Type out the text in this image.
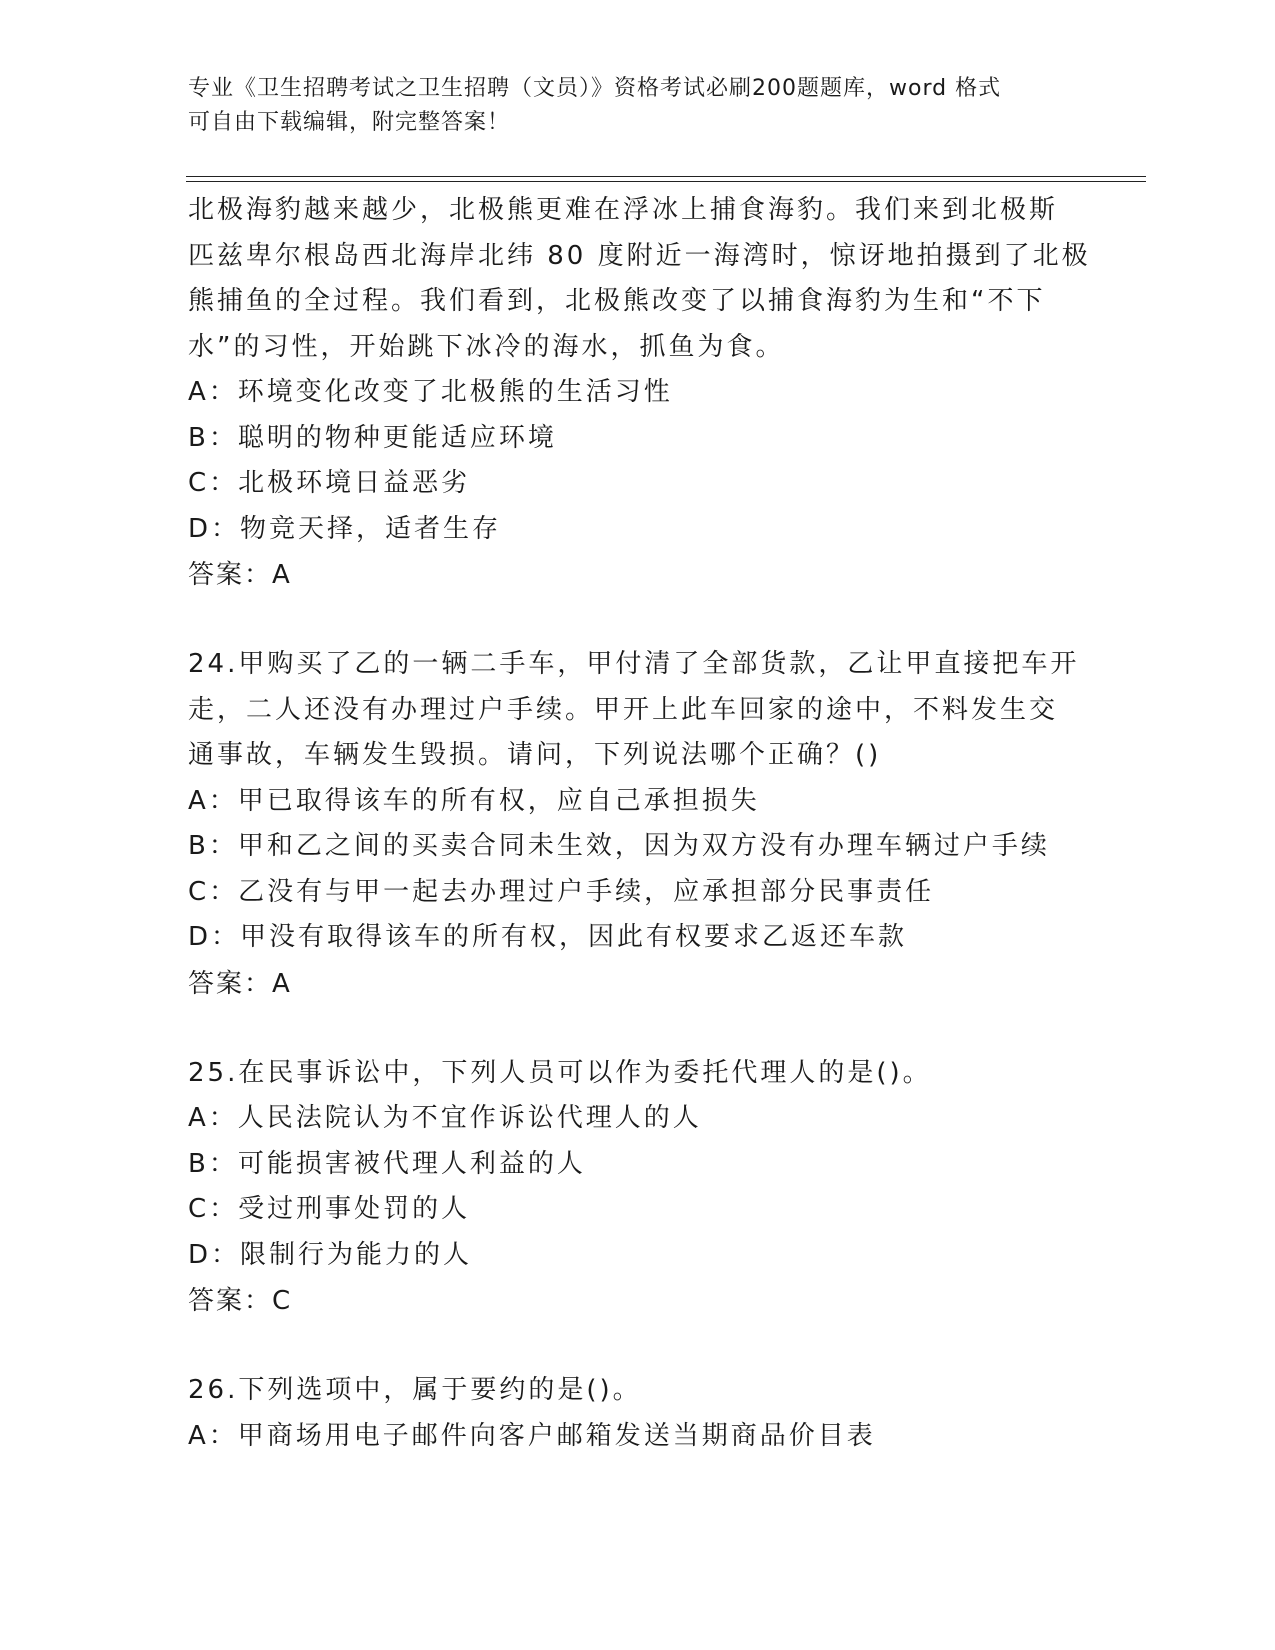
专业《卫生招聘考试之卫生招聘（文员）》资格考试必刷200题题库，word 格式
可自由下载编辑，附完整答案！
北极海豹越来越少，北极熊更难在浮冰上捕食海豹。我们来到北极斯
匹兹卑尔根岛西北海岸北纬 80 度附近一海湾时，惊讶地拍摄到了北极
熊捕鱼的全过程。我们看到，北极熊改变了以捕食海豹为生和“不下
水”的习性，开始跳下冰冷的海水，抓鱼为食。
A：环境变化改变了北极熊的生活习性
B：聪明的物种更能适应环境
C：北极环境日益恶劣
D：物竞天择，适者生存
答案：A
24.甲购买了乙的一辆二手车，甲付清了全部货款，乙让甲直接把车开
走，二人还没有办理过户手续。甲开上此车回家的途中，不料发生交
通事故，车辆发生毁损。请问，下列说法哪个正确？()
A：甲已取得该车的所有权，应自己承担损失
B：甲和乙之间的买卖合同未生效，因为双方没有办理车辆过户手续
C：乙没有与甲一起去办理过户手续，应承担部分民事责任
D：甲没有取得该车的所有权，因此有权要求乙返还车款
答案：A
25.在民事诉讼中，下列人员可以作为委托代理人的是()。
A：人民法院认为不宜作诉讼代理人的人
B：可能损害被代理人利益的人
C：受过刑事处罚的人
D：限制行为能力的人
答案：C
26.下列选项中，属于要约的是()。
A：甲商场用电子邮件向客户邮箱发送当期商品价目表
